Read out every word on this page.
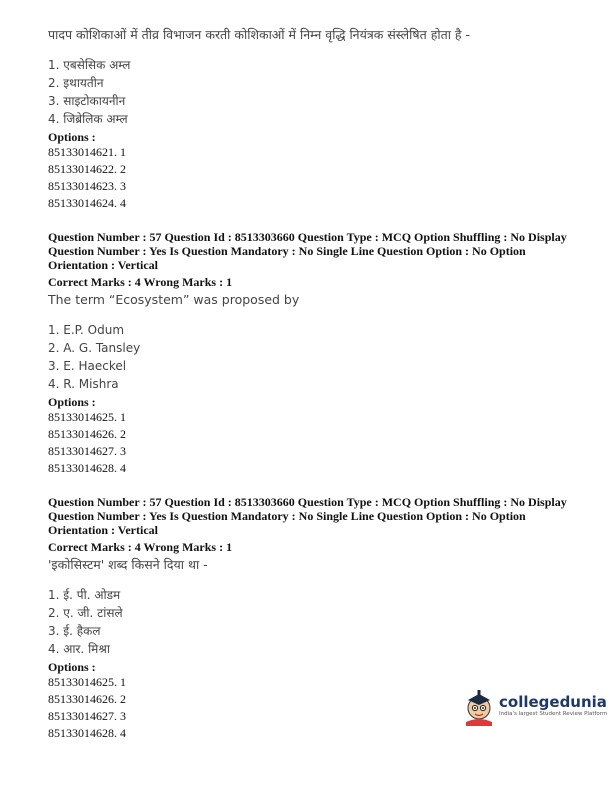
पादप कोशिकाओं में तीव्र विभाजन करती कोशिकाओं में निम्न वृद्धि नियंत्रक संस्लेषित होता है -
1. एबसेसिक अम्ल
2. इथायतीन
3. साइटोकायनीन
4. जिब्रेलिक अम्ल
Options :
85133014621. 1
85133014622. 2
85133014623. 3
85133014624. 4
Question Number : 57 Question Id : 8513303660 Question Type : MCQ Option Shuffling : No Display
Question Number : Yes Is Question Mandatory : No Single Line Question Option : No Option
Orientation : Vertical
Correct Marks : 4 Wrong Marks : 1
The term “Ecosystem” was proposed by
1. E.P. Odum
2. A. G. Tansley
3. E. Haeckel
4. R. Mishra
Options :
85133014625. 1
85133014626. 2
85133014627. 3
85133014628. 4
Question Number : 57 Question Id : 8513303660 Question Type : MCQ Option Shuffling : No Display
Question Number : Yes Is Question Mandatory : No Single Line Question Option : No Option
Orientation : Vertical
Correct Marks : 4 Wrong Marks : 1
'इकोसिस्टम' शब्द किसने दिया था -
1. ई. पी. ओडम
2. ए. जी. टांसले
3. ई. हैकल
4. आर. मिश्रा
Options :
85133014625. 1
85133014626. 2
85133014627. 3
85133014628. 4
collegedunia
India's largest Student Review Platform
